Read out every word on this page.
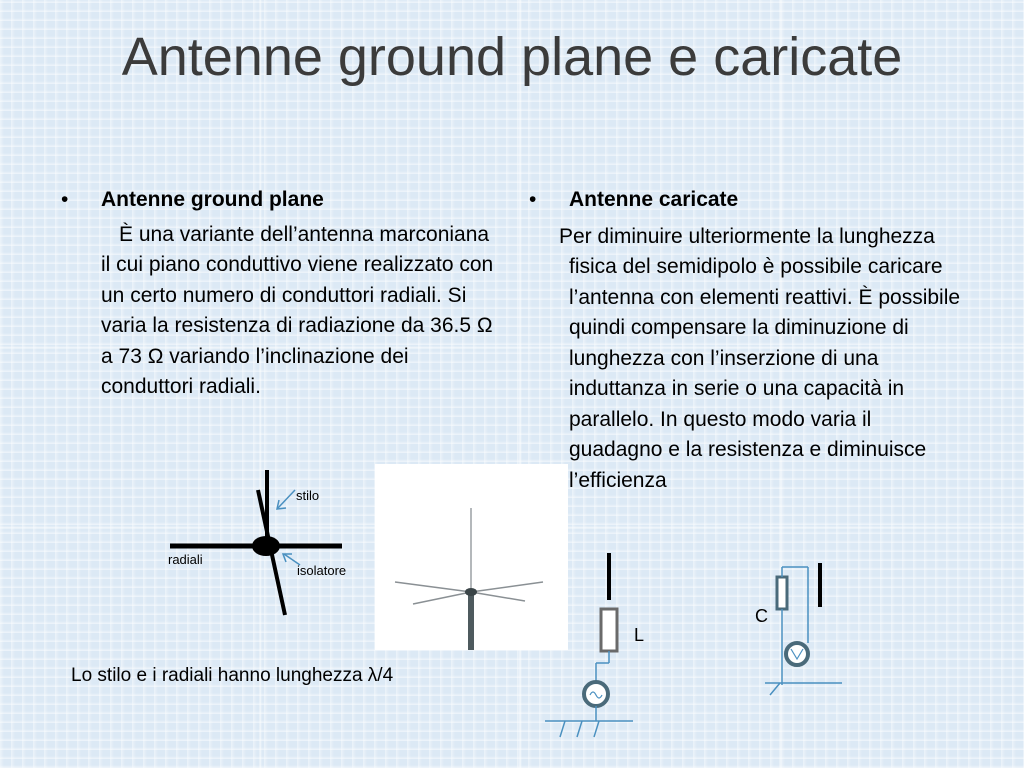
Antenne ground plane e caricate
• Antenne ground plane

È una variante dell’antenna marconiana il cui piano conduttivo viene realizzato con un certo numero di conduttori radiali. Si varia la resistenza di radiazione da 36.5 Ω a 73 Ω variando l’inclinazione dei conduttori radiali.

stilo
radiali
isolatore
Lo stilo e i radiali hanno lunghezza λ/4
• Antenne caricate

Per diminuire ulteriormente la lunghezza fisica del semidipolo è possibile caricare l’antenna con elementi reattivi. È possibile quindi compensare la diminuzione di lunghezza con l’inserzione di una induttanza in serie o una capacità in parallelo. In questo modo varia il guadagno e la resistenza e diminuisce l’efficienza

L
C
